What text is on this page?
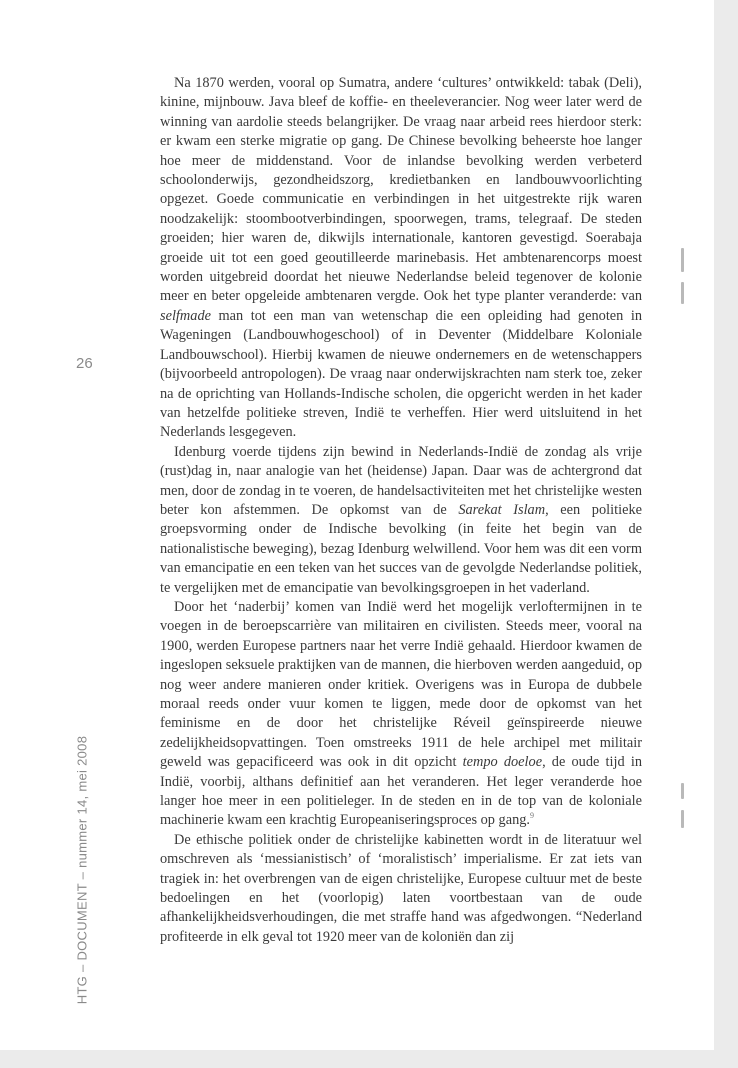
26
HTG – DOCUMENT – nummer 14, mei 2008

Na 1870 werden, vooral op Sumatra, andere ‘cultures’ ontwikkeld: tabak (Deli), kinine, mijnbouw. Java bleef de koffie- en theeleverancier. Nog weer later werd de winning van aardolie steeds belangrijker. De vraag naar arbeid rees hierdoor sterk: er kwam een sterke migratie op gang. De Chinese bevolking beheerste hoe langer hoe meer de middenstand. Voor de inlandse bevolking werden verbeterd schoolonderwijs, gezondheidszorg, kredietbanken en landbouwvoorlichting opgezet. Goede communicatie en verbindingen in het uitgestrekte rijk waren noodzakelijk: stoombootverbindingen, spoorwegen, trams, telegraaf. De steden groeiden; hier waren de, dikwijls internationale, kantoren gevestigd. Soerabaja groeide uit tot een goed geoutilleerde marinebasis. Het ambtenarencorps moest worden uitgebreid doordat het nieuwe Nederlandse beleid tegenover de kolonie meer en beter opgeleide ambtenaren vergde. Ook het type planter veranderde: van selfmade man tot een man van wetenschap die een opleiding had genoten in Wageningen (Landbouwhogeschool) of in Deventer (Middelbare Koloniale Landbouwschool). Hierbij kwamen de nieuwe ondernemers en de wetenschappers (bijvoorbeeld antropologen). De vraag naar onderwijskrachten nam sterk toe, zeker na de oprichting van Hollands-Indische scholen, die opgericht werden in het kader van hetzelfde politieke streven, Indië te verheffen. Hier werd uitsluitend in het Nederlands lesgegeven.

Idenburg voerde tijdens zijn bewind in Nederlands-Indië de zondag als vrije (rust)dag in, naar analogie van het (heidense) Japan. Daar was de achtergrond dat men, door de zondag in te voeren, de handelsactiviteiten met het christelijke westen beter kon afstemmen. De opkomst van de Sarekat Islam, een politieke groepsvorming onder de Indische bevolking (in feite het begin van de nationalistische beweging), bezag Idenburg welwillend. Voor hem was dit een vorm van emancipatie en een teken van het succes van de gevolgde Nederlandse politiek, te vergelijken met de emancipatie van bevolkingsgroepen in het vaderland.

Door het ‘naderbij’ komen van Indië werd het mogelijk verloftermijnen in te voegen in de beroepscarrière van militairen en civilisten. Steeds meer, vooral na 1900, werden Europese partners naar het verre Indië gehaald. Hierdoor kwamen de ingeslopen seksuele praktijken van de mannen, die hierboven werden aangeduid, op nog weer andere manieren onder kritiek. Overigens was in Europa de dubbele moraal reeds onder vuur komen te liggen, mede door de opkomst van het feminisme en de door het christelijke Réveil geïnspireerde nieuwe zedelijkheidsopvattingen. Toen omstreeks 1911 de hele archipel met militair geweld was gepacificeerd was ook in dit opzicht tempo doeloe, de oude tijd in Indië, voorbij, althans definitief aan het veranderen. Het leger veranderde hoe langer hoe meer in een politieleger. In de steden en in de top van de koloniale machinerie kwam een krachtig Europeaniseringsproces op gang.$^9$

De ethische politiek onder de christelijke kabinetten wordt in de literatuur wel omschreven als ‘messianistisch’ of ‘moralistisch’ imperialisme. Er zat iets van tragiek in: het overbrengen van de eigen christelijke, Europese cultuur met de beste bedoelingen en het (voorlopig) laten voortbestaan van de oude afhankelijkheidsverhoudingen, die met straffe hand was afgedwongen. “Nederland profiteerde in elk geval tot 1920 meer van de koloniën dan zij
